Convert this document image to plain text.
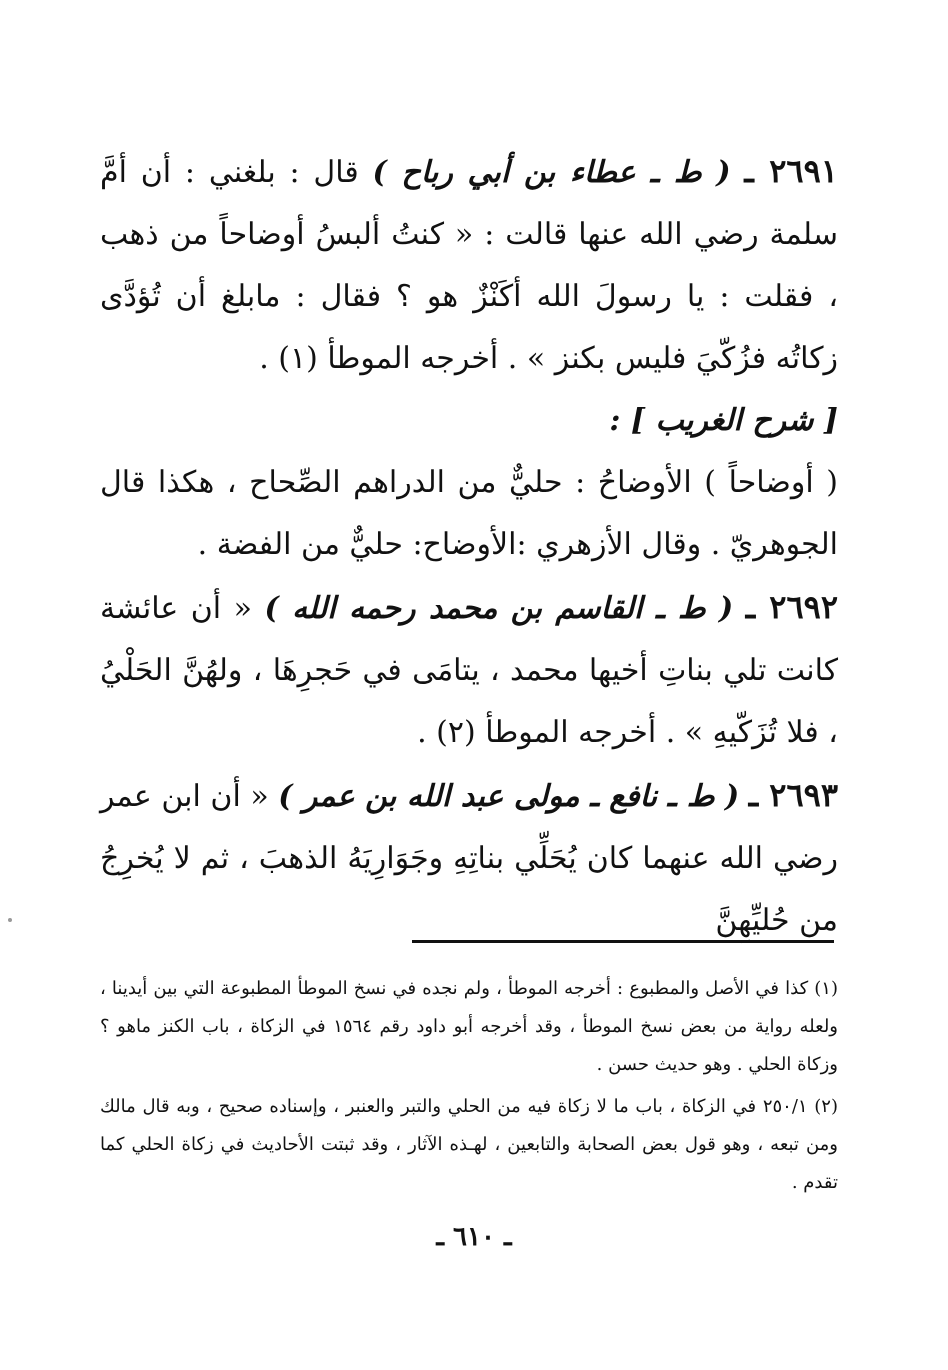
٢٦٩١ ـ ( ط ـ عطاء بن أبي رباح ) قال : بلغني : أن أمَّ سلمة رضي الله عنها قالت : « كنتُ ألبسُ أوضاحاً من ذهب ، فقلت : يا رسولَ الله أكَنْزٌ هو ؟ فقال : مابلغ أن تُؤدَّى زكاتُه فزُكّيَ فليس بكنز » . أخرجه الموطأ (١) .

[ شرح الغريب ] :

( أوضاحاً ) الأوضاحُ : حليٌّ من الدراهم الصِّحاح ، هكذا قال الجوهريّ . وقال الأزهري :الأوضاح: حليٌّ من الفضة .

٢٦٩٢ ـ ( ط ـ القاسم بن محمد رحمه الله ) « أن عائشة كانت تلي بناتِ أخيها محمد ، يتامَى في حَجرِهَا ، ولهُنَّ الحَلْيُ ، فلا تُزَكّيهِ » . أخرجه الموطأ (٢) .

٢٦٩٣ ـ ( ط ـ نافع ـ مولى عبد الله بن عمر ) « أن ابن عمر رضي الله عنهما كان يُحَلِّي بناتِهِ وجَوَارِيَهُ الذهبَ ، ثم لا يُخرِجُ من حُليِّهِنَّ

(١) كذا في الأصل والمطبوع : أخرجه الموطأ ، ولم نجده في نسخ الموطأ المطبوعة التي بين أيدينا ، ولعله رواية من بعض نسخ الموطأ ، وقد أخرجه أبو داود رقم ١٥٦٤ في الزكاة ، باب الكنز ماهو ؟ وزكاة الحلي . وهو حديث حسن .

(٢) ٢٥٠/١ في الزكاة ، باب ما لا زكاة فيه من الحلي والتبر والعنبر ، وإسناده صحيح ، وبه قال مالك ومن تبعه ، وهو قول بعض الصحابة والتابعين ، لهـذه الآثار ، وقد ثبتت الأحاديث في زكاة الحلي كما تقدم .

ـ ٦١٠ ـ
